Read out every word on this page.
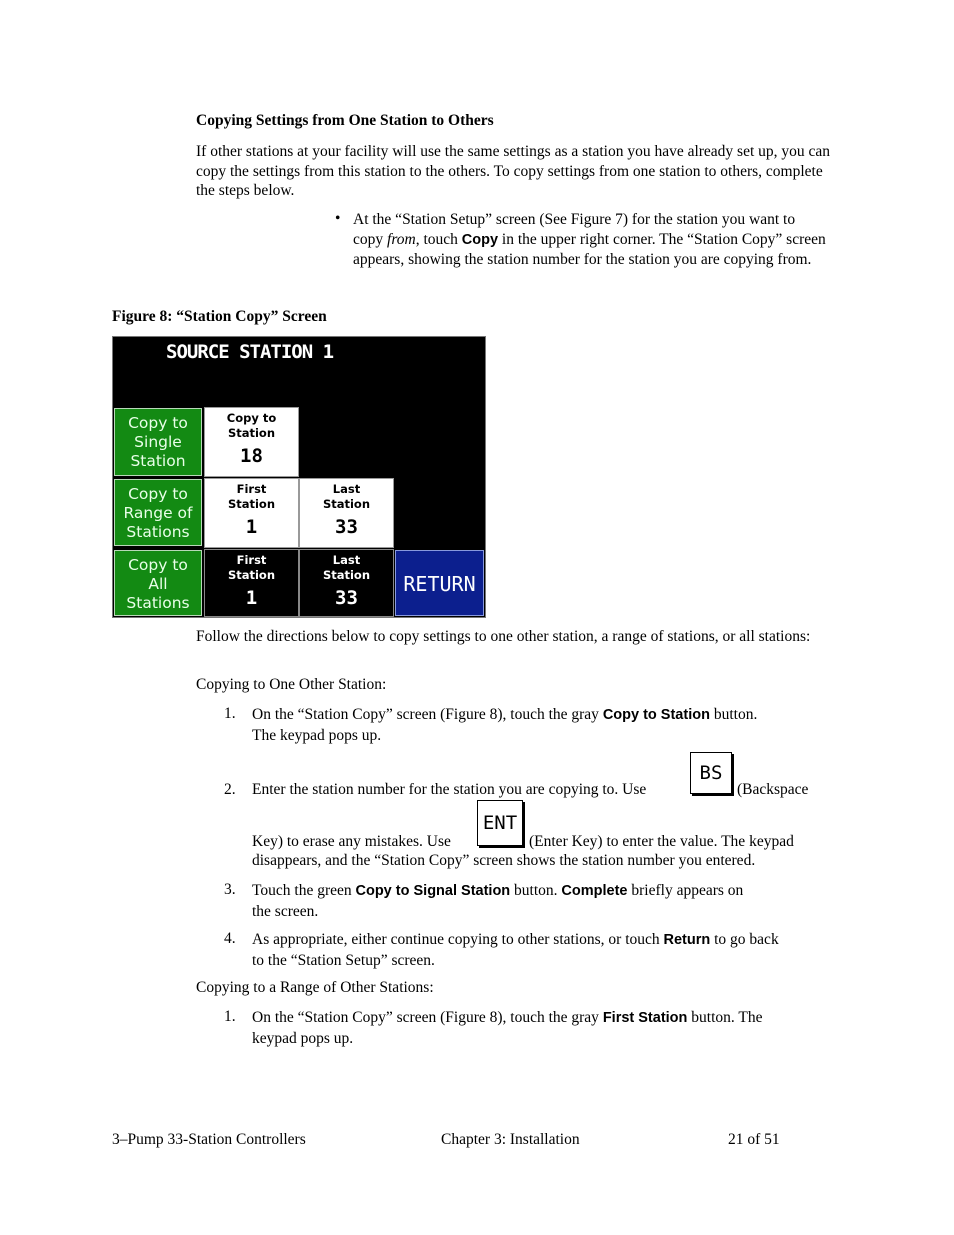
Copying Settings from One Station to Others
If other stations at your facility will use the same settings as a station you have already set up, you can copy the settings from this station to the others. To copy settings from one station to others, complete the steps below.
• At the “Station Setup” screen (See Figure 7) for the station you want to copy from, touch Copy in the upper right corner. The “Station Copy” screen appears, showing the station number for the station you are copying from.
Figure 8: “Station Copy” Screen
SOURCE STATION 1
Copy to
Single
Station
Copy to
Station
18
Copy to
Range of
Stations
First
Station
1
Last
Station
33
Copy to
All
Stations
First
Station
1
Last
Station
33
RETURN
Follow the directions below to copy settings to one other station, a range of stations, or all stations:
Copying to One Other Station:
1. On the “Station Copy” screen (Figure 8), touch the gray Copy to Station button.
The keypad pops up.
2. Enter the station number for the station you are copying to. Use
BS
(Backspace
Key) to erase any mistakes. Use
ENT
(Enter Key) to enter the value. The keypad
disappears, and the “Station Copy” screen shows the station number you entered.
3. Touch the green Copy to Signal Station button. Complete briefly appears on
the screen.
4. As appropriate, either continue copying to other stations, or touch Return to go back
to the “Station Setup” screen.
Copying to a Range of Other Stations:
1. On the “Station Copy” screen (Figure 8), touch the gray First Station button. The
keypad pops up.
3–Pump 33-Station Controllers	Chapter 3: Installation	21 of 51
